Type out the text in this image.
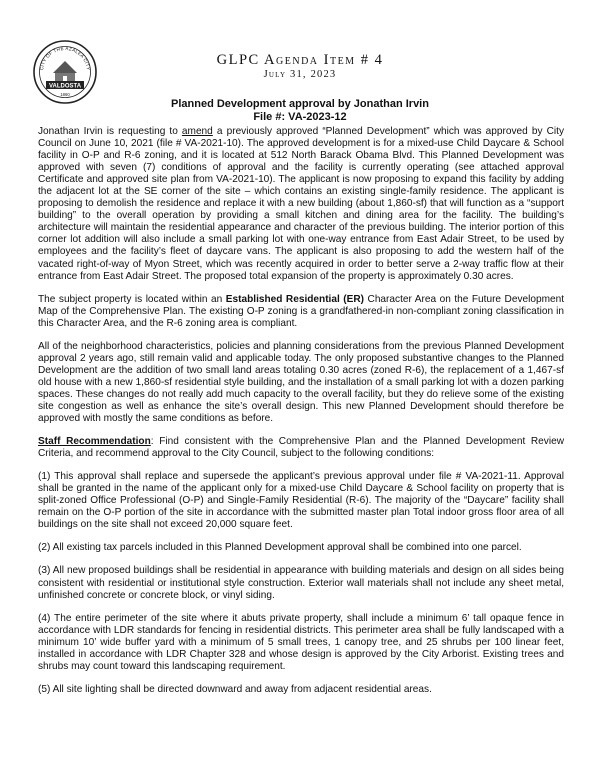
CITY OF THE AZALEA CITY
VALDOSTA
1860
GLPC Agenda Item # 4
July 31, 2023
Planned Development approval by Jonathan Irvin
File #: VA-2023-12

Jonathan Irvin is requesting to amend a previously approved “Planned Development” which was approved by City Council on June 10, 2021 (file # VA-2021-10). The approved development is for a mixed-use Child Daycare & School facility in O-P and R-6 zoning, and it is located at 512 North Barack Obama Blvd. This Planned Development was approved with seven (7) conditions of approval and the facility is currently operating (see attached approval Certificate and approved site plan from VA-2021-10). The applicant is now proposing to expand this facility by adding the adjacent lot at the SE corner of the site – which contains an existing single-family residence. The applicant is proposing to demolish the residence and replace it with a new building (about 1,860-sf) that will function as a “support building” to the overall operation by providing a small kitchen and dining area for the facility. The building’s architecture will maintain the residential appearance and character of the previous building. The interior portion of this corner lot addition will also include a small parking lot with one-way entrance from East Adair Street, to be used by employees and the facility’s fleet of daycare vans. The applicant is also proposing to add the western half of the vacated right-of-way of Myon Street, which was recently acquired in order to better serve a 2-way traffic flow at their entrance from East Adair Street. The proposed total expansion of the property is approximately 0.30 acres.

The subject property is located within an Established Residential (ER) Character Area on the Future Development Map of the Comprehensive Plan. The existing O-P zoning is a grandfathered-in non-compliant zoning classification in this Character Area, and the R-6 zoning area is compliant.

All of the neighborhood characteristics, policies and planning considerations from the previous Planned Development approval 2 years ago, still remain valid and applicable today. The only proposed substantive changes to the Planned Development are the addition of two small land areas totaling 0.30 acres (zoned R-6), the replacement of a 1,467-sf old house with a new 1,860-sf residential style building, and the installation of a small parking lot with a dozen parking spaces. These changes do not really add much capacity to the overall facility, but they do relieve some of the existing site congestion as well as enhance the site’s overall design. This new Planned Development should therefore be approved with mostly the same conditions as before.

Staff Recommendation: Find consistent with the Comprehensive Plan and the Planned Development Review Criteria, and recommend approval to the City Council, subject to the following conditions:

(1) This approval shall replace and supersede the applicant’s previous approval under file # VA-2021-11. Approval shall be granted in the name of the applicant only for a mixed-use Child Daycare & School facility on property that is split-zoned Office Professional (O-P) and Single-Family Residential (R-6). The majority of the “Daycare” facility shall remain on the O-P portion of the site in accordance with the submitted master plan Total indoor gross floor area of all buildings on the site shall not exceed 20,000 square feet.

(2) All existing tax parcels included in this Planned Development approval shall be combined into one parcel.

(3) All new proposed buildings shall be residential in appearance with building materials and design on all sides being consistent with residential or institutional style construction. Exterior wall materials shall not include any sheet metal, unfinished concrete or concrete block, or vinyl siding.

(4) The entire perimeter of the site where it abuts private property, shall include a minimum 6’ tall opaque fence in accordance with LDR standards for fencing in residential districts. This perimeter area shall be fully landscaped with a minimum 10’ wide buffer yard with a minimum of 5 small trees, 1 canopy tree, and 25 shrubs per 100 linear feet, installed in accordance with LDR Chapter 328 and whose design is approved by the City Arborist. Existing trees and shrubs may count toward this landscaping requirement.

(5) All site lighting shall be directed downward and away from adjacent residential areas.
